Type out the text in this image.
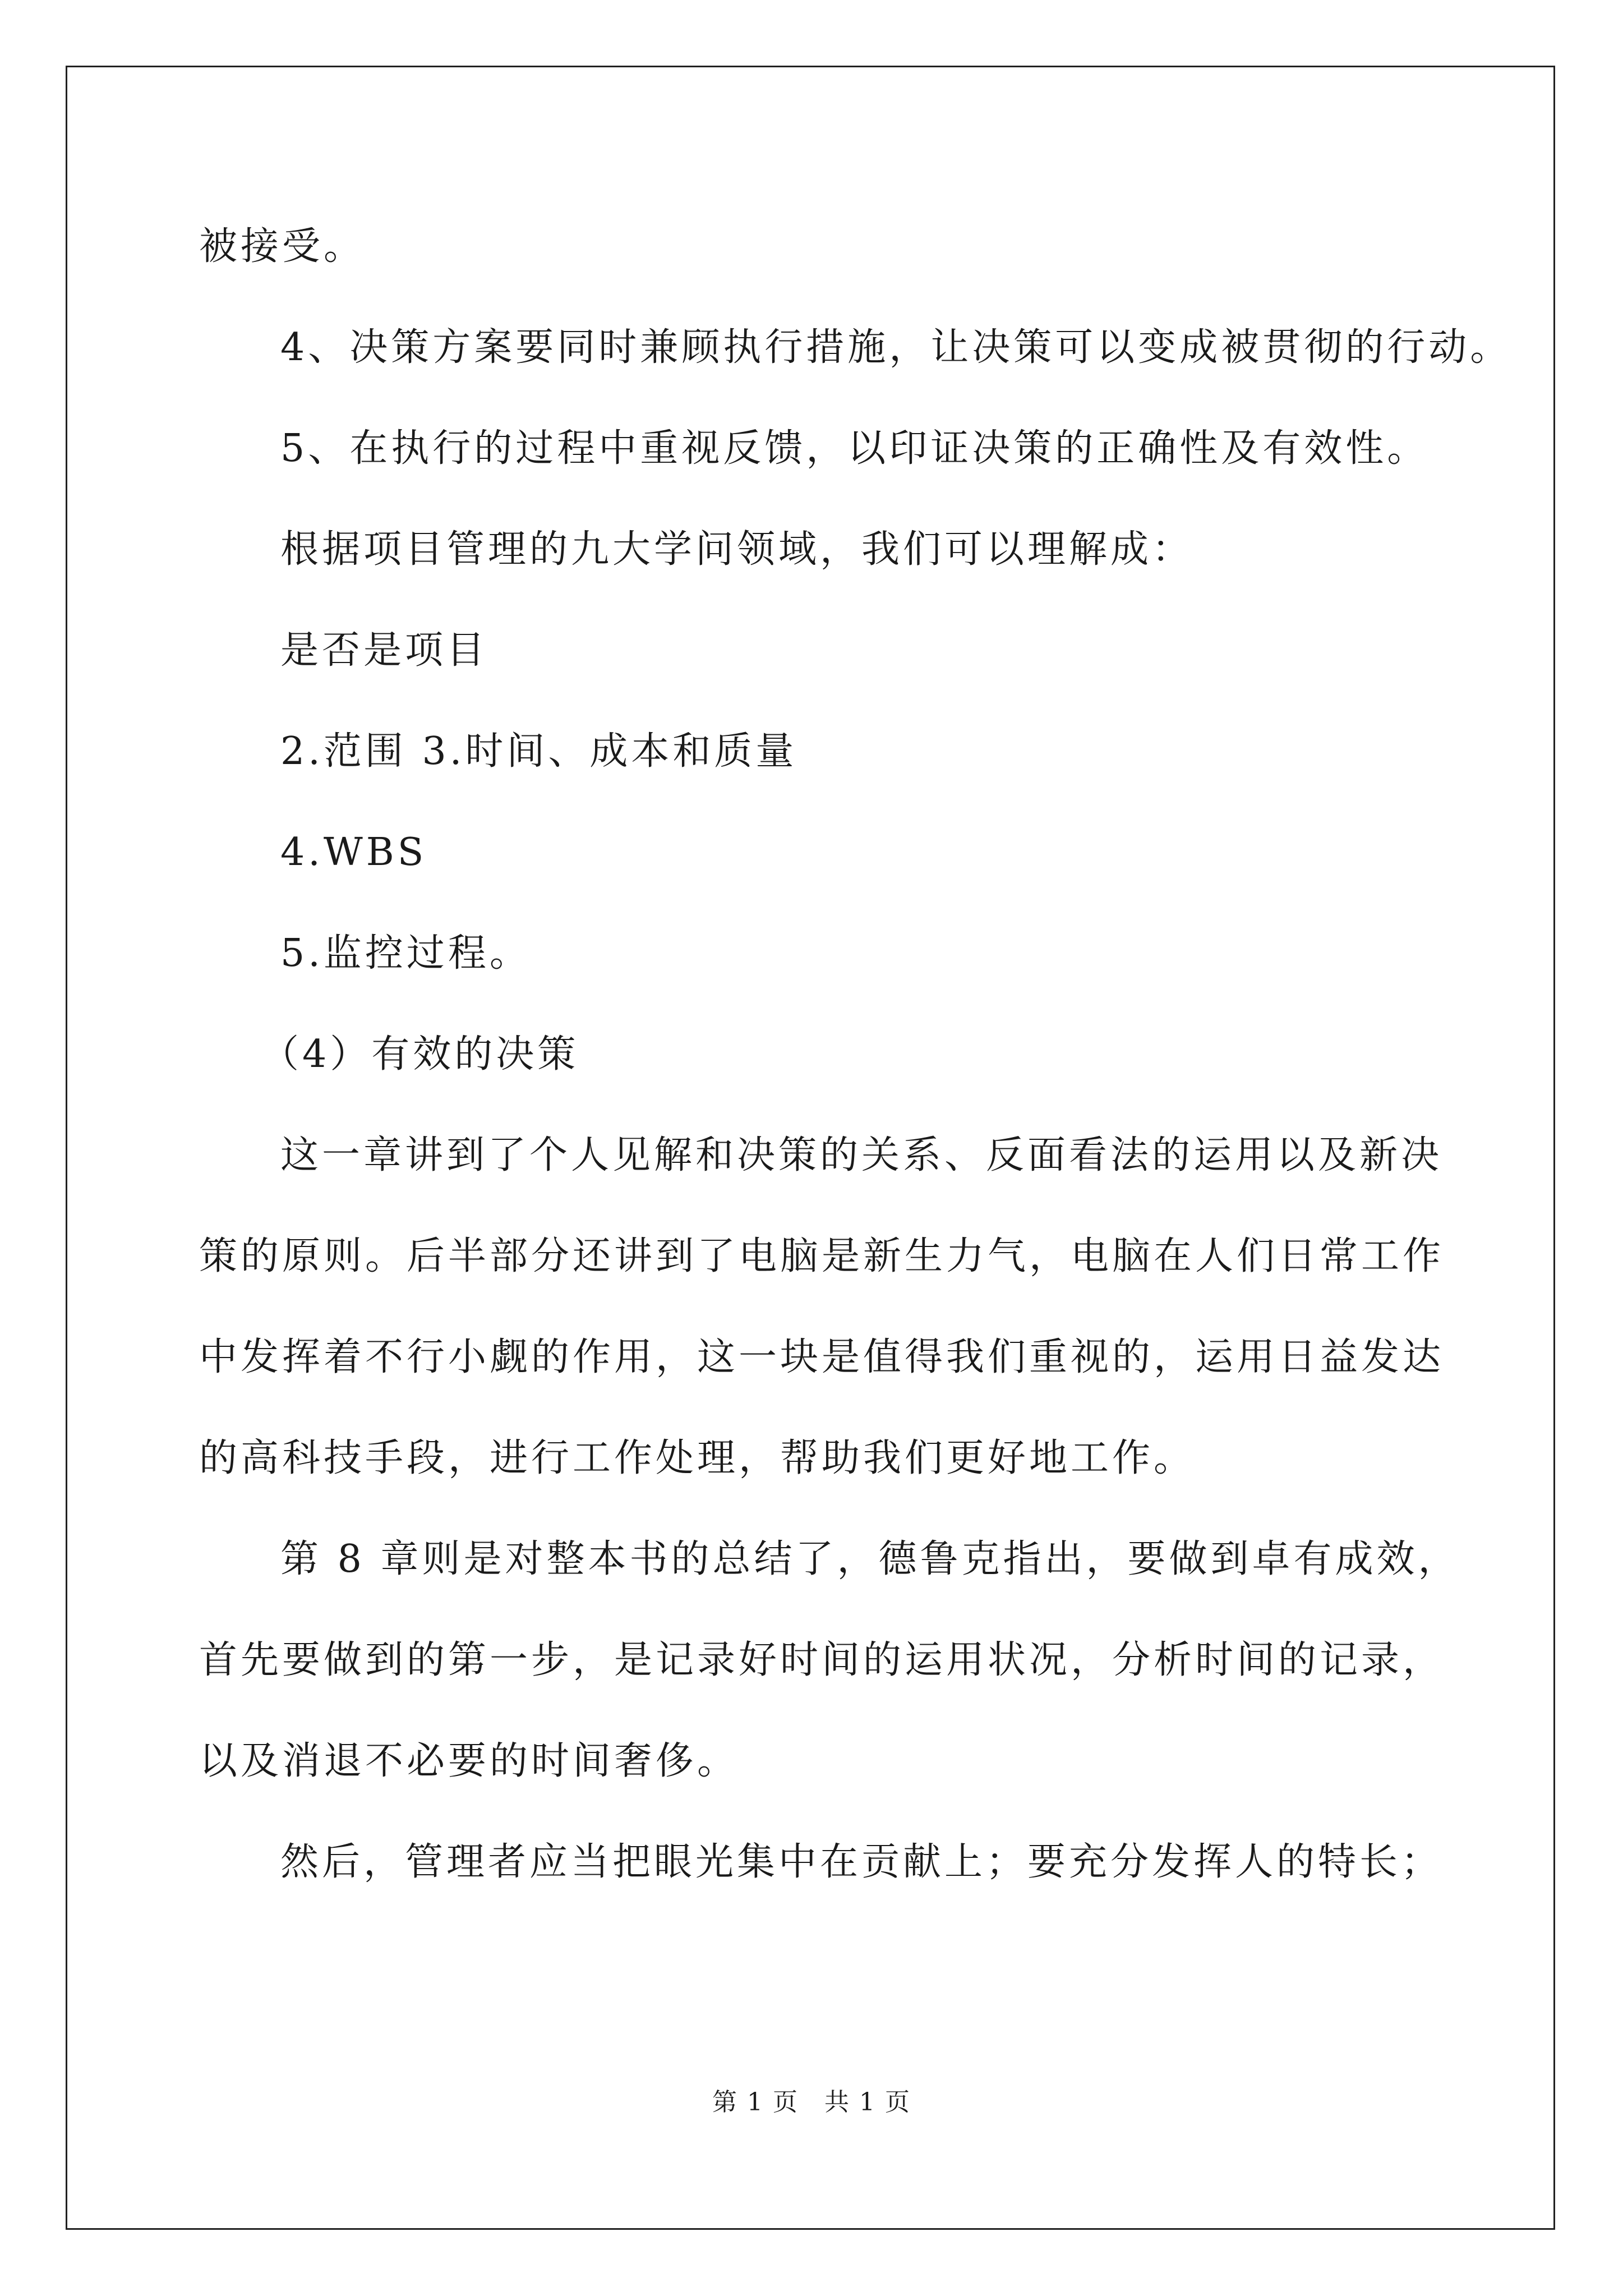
被接受。
4、决策方案要同时兼顾执行措施，让决策可以变成被贯彻的行动。
5、在执行的过程中重视反馈，以印证决策的正确性及有效性。
根据项目管理的九大学问领域，我们可以理解成：
是否是项目
2.范围 3.时间、成本和质量
4.WBS
5.监控过程。
（4）有效的决策
这一章讲到了个人见解和决策的关系、反面看法的运用以及新决
策的原则。后半部分还讲到了电脑是新生力气，电脑在人们日常工作
中发挥着不行小觑的作用，这一块是值得我们重视的，运用日益发达
的高科技手段，进行工作处理，帮助我们更好地工作。
第 8 章则是对整本书的总结了，德鲁克指出，要做到卓有成效，
首先要做到的第一步，是记录好时间的运用状况，分析时间的记录，
以及消退不必要的时间奢侈。
然后，管理者应当把眼光集中在贡献上；要充分发挥人的特长；
第 1 页　共 1 页
